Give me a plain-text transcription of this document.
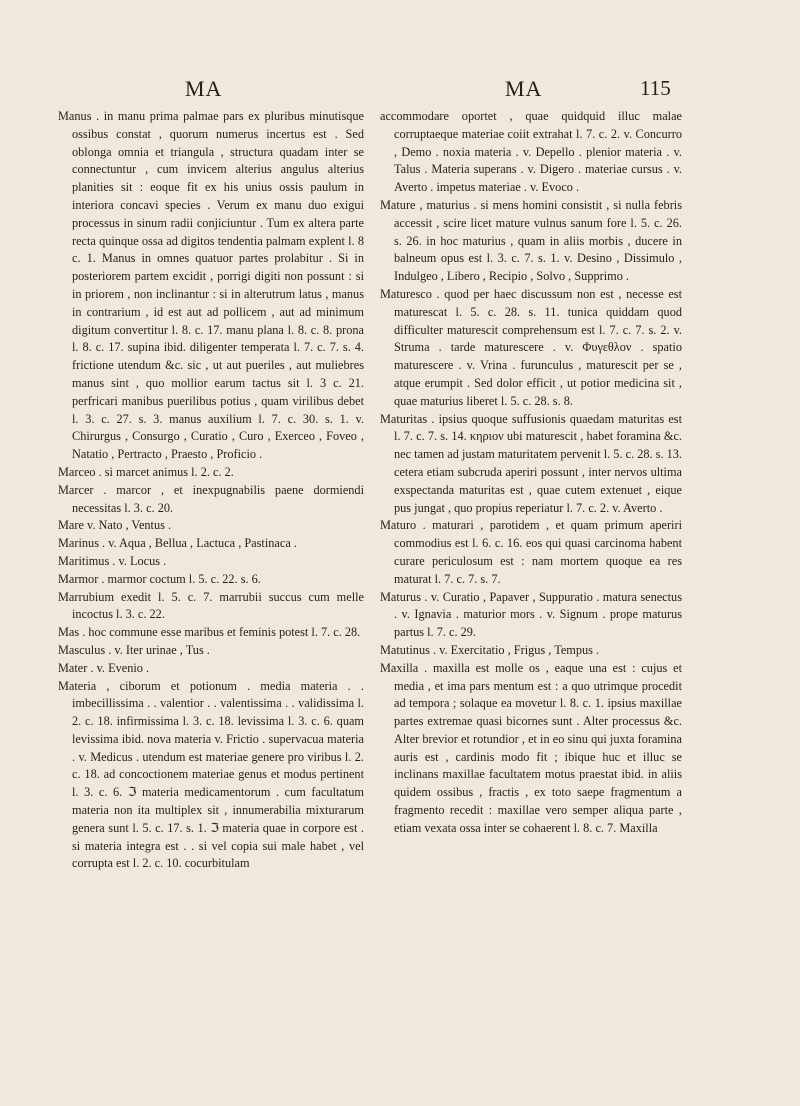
MA	MA	115

Manus . in manu prima palmae pars ex pluribus minutisque ossibus constat , quorum numerus incertus est . Sed oblonga omnia et triangula , structura quadam inter se connectuntur , cum invicem alterius angulus alterius planities sit : eoque fit ex his unius ossis paulum in interiora concavi species . Verum ex manu duo exigui processus in sinum radii conjiciuntur . Tum ex altera parte recta quinque ossa ad digitos tendentia palmam explent l. 8 c. 1. Manus in omnes quatuor partes prolabitur . Si in posteriorem partem excidit , porrigi digiti non possunt : si in priorem , non inclinantur : si in alterutrum latus , manus in contrarium , id est aut ad pollicem , aut ad minimum digitum convertitur l. 8. c. 17. manu plana l. 8. c. 8. prona l. 8. c. 17. supina ibid. diligenter temperata l. 7. c. 7. s. 4. frictione utendum &c. sic , ut aut pueriles , aut muliebres manus sint , quo mollior earum tactus sit l. 3 c. 21. perfricari manibus puerilibus potius , quam virilibus debet l. 3. c. 27. s. 3. manus auxilium l. 7. c. 30. s. 1. v. Chirurgus , Consurgo , Curatio , Curo , Exerceo , Foveo , Natatio , Pertracto , Praesto , Proficio .

Marceo . si marcet animus l. 2. c. 2.

Marcer . marcor , et inexpugnabilis paene dormiendi necessitas l. 3. c. 20.

Mare v. Nato , Ventus .

Marinus . v. Aqua , Bellua , Lactuca , Pastinaca .

Maritimus . v. Locus .

Marmor . marmor coctum l. 5. c. 22. s. 6.

Marrubium exedit l. 5. c. 7. marrubii succus cum melle incoctus l. 3. c. 22.

Mas . hoc commune esse maribus et feminis potest l. 7. c. 28.

Masculus . v. Iter urinae , Tus .

Mater . v. Evenio .

Materia , ciborum et potionum . media materia . . imbecillissima . . valentior . . valentissima . . validissima l. 2. c. 18. infirmissima l. 3. c. 18. levissima l. 3. c. 6. quam levissima ibid. nova materia v. Frictio . supervacua materia . v. Medicus . utendum est materiae genere pro viribus l. 2. c. 18. ad concoctionem materiae genus et modus pertinent l. 3. c. 6. ℑ materia medicamentorum . cum facultatum materia non ita multiplex sit , innumerabilia mixturarum genera sunt l. 5. c. 17. s. 1. ℑ materia quae in corpore est . si materia integra est . . si vel copia sui male habet , vel corrupta est l. 2. c. 10. cocurbitulam

accommodare oportet , quae quidquid illuc malae corruptaeque materiae coiit extrahat l. 7. c. 2. v. Concurro , Demo . noxia materia . v. Depello . plenior materia . v. Talus . Materia superans . v. Digero . materiae cursus . v. Averto . impetus materiae . v. Evoco .

Mature , maturius . si mens homini consistit , si nulla febris accessit , scire licet mature vulnus sanum fore l. 5. c. 26. s. 26. in hoc maturius , quam in aliis morbis , ducere in balneum opus est l. 3. c. 7. s. 1. v. Desino , Dissimulo , Indulgeo , Libero , Recipio , Solvo , Supprimo .

Maturesco . quod per haec discussum non est , necesse est maturescat l. 5. c. 28. s. 11. tunica quiddam quod difficulter maturescit comprehensum est l. 7. c. 7. s. 2. v. Struma . tarde maturescere . v. Φυγεθλον . spatio maturescere . v. Vrina . furunculus , maturescit per se , atque erumpit . Sed dolor efficit , ut potior medicina sit , quae maturius liberet l. 5. c. 28. s. 8.

Maturitas . ipsius quoque suffusionis quaedam maturitas est l. 7. c. 7. s. 14. κηριον ubi maturescit , habet foramina &c. nec tamen ad justam maturitatem pervenit l. 5. c. 28. s. 13. cetera etiam subcruda aperiri possunt , inter nervos ultima exspectanda maturitas est , quae cutem extenuet , eique pus jungat , quo propius reperiatur l. 7. c. 2. v. Averto .

Maturo . maturari , parotidem , et quam primum aperiri commodius est l. 6. c. 16. eos qui quasi carcinoma habent curare periculosum est : nam mortem quoque ea res maturat l. 7. c. 7. s. 7.

Maturus . v. Curatio , Papaver , Suppuratio . matura senectus . v. Ignavia . maturior mors . v. Signum . prope maturus partus l. 7. c. 29.

Matutinus . v. Exercitatio , Frigus , Tempus .

Maxilla . maxilla est molle os , eaque una est : cujus et media , et ima pars mentum est : a quo utrimque procedit ad tempora ; solaque ea movetur l. 8. c. 1. ipsius maxillae partes extremae quasi bicornes sunt . Alter processus &c. Alter brevior et rotundior , et in eo sinu qui juxta foramina auris est , cardinis modo fit ; ibique huc et illuc se inclinans maxillae facultatem motus praestat ibid. in aliis quidem ossibus , fractis , ex toto saepe fragmentum a fragmento recedit : maxillae vero semper aliqua parte , etiam vexata ossa inter se cohaerent l. 8. c. 7. Maxilla
